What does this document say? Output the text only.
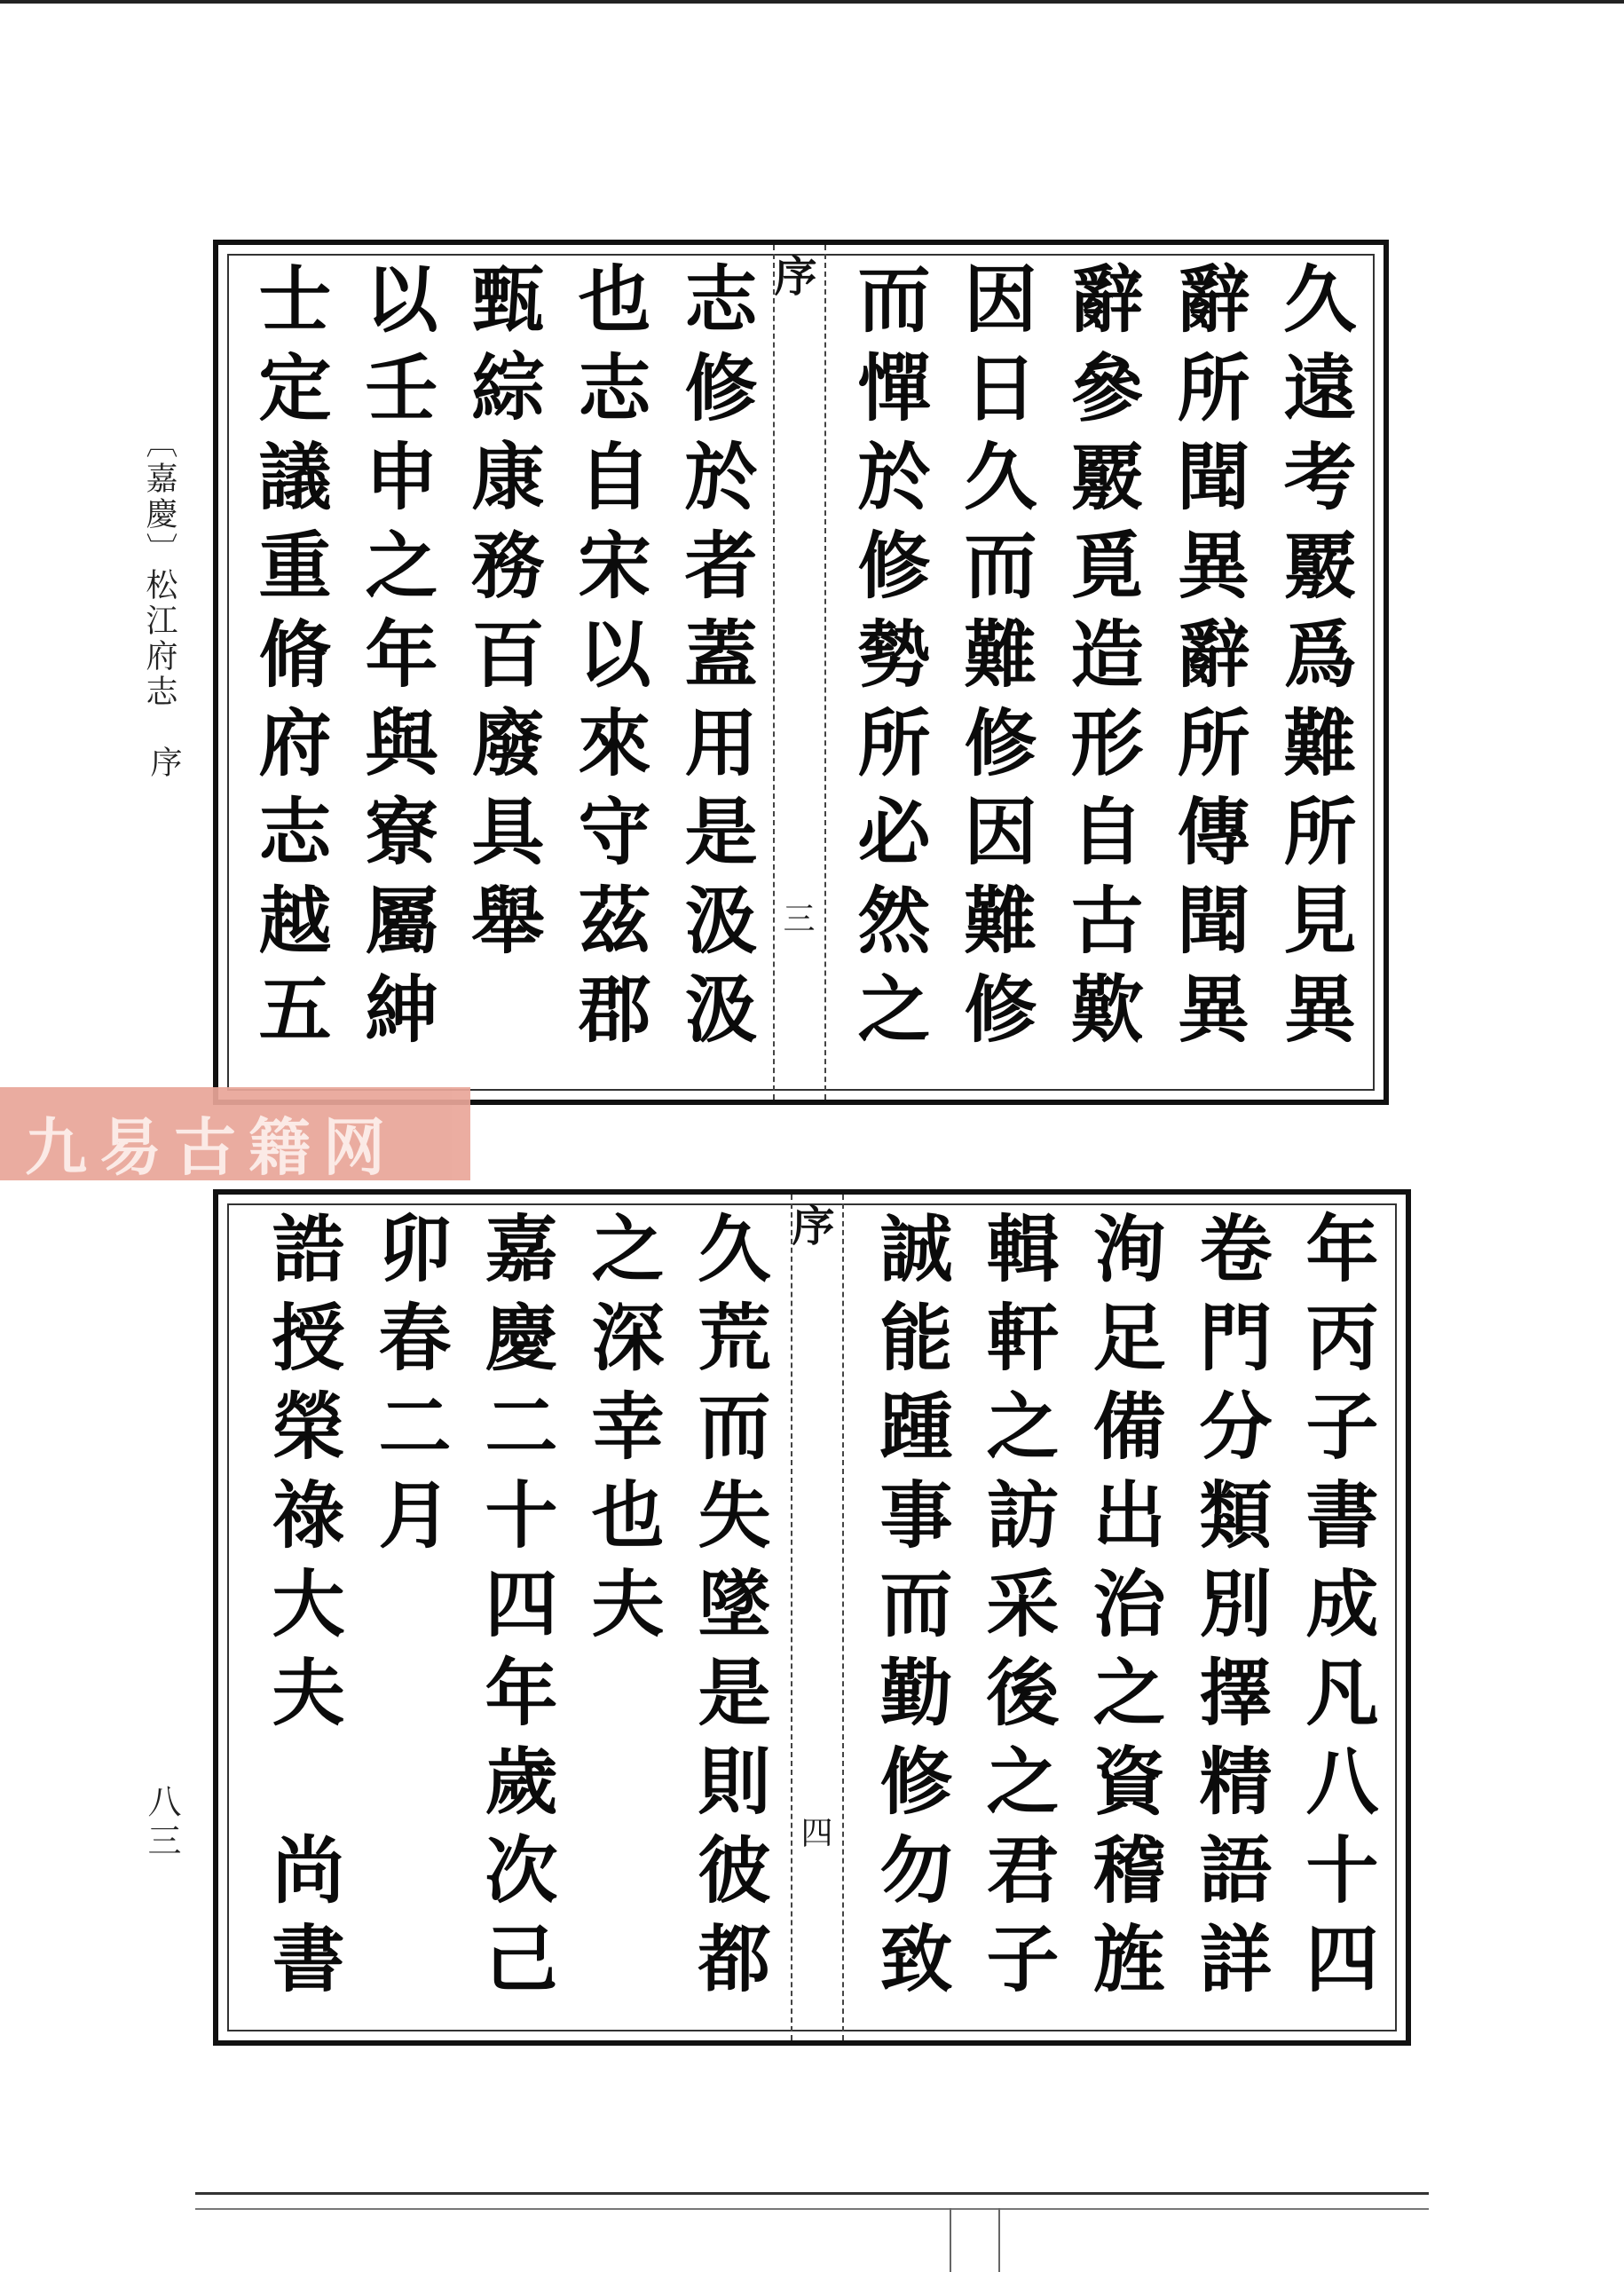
〔嘉慶〕松江府志
序
八三
久遠考覈爲難所見異
辭所聞異辭所傳聞異
辭參覈覓造形自古歎
因日久而難修因難修
而憚於修勢所必然之
序
三
志修於者蓋用是汲汲
也志自宋以來守茲郡
甄綜康務百廢具舉
以壬申之年與寮屬紳
士定議重脩府志越五
年丙子書成凡八十四
卷門分類別擇精語詳
洵足備出治之資稽旌
輯軒之訪采後之君子
誠能踵事而勤修勿致
序
四
久荒而失墜是則彼都
之深幸也夫
嘉慶二十四年歲次己
卯春二月
誥授榮祿大夫　尚書
九易古籍网
